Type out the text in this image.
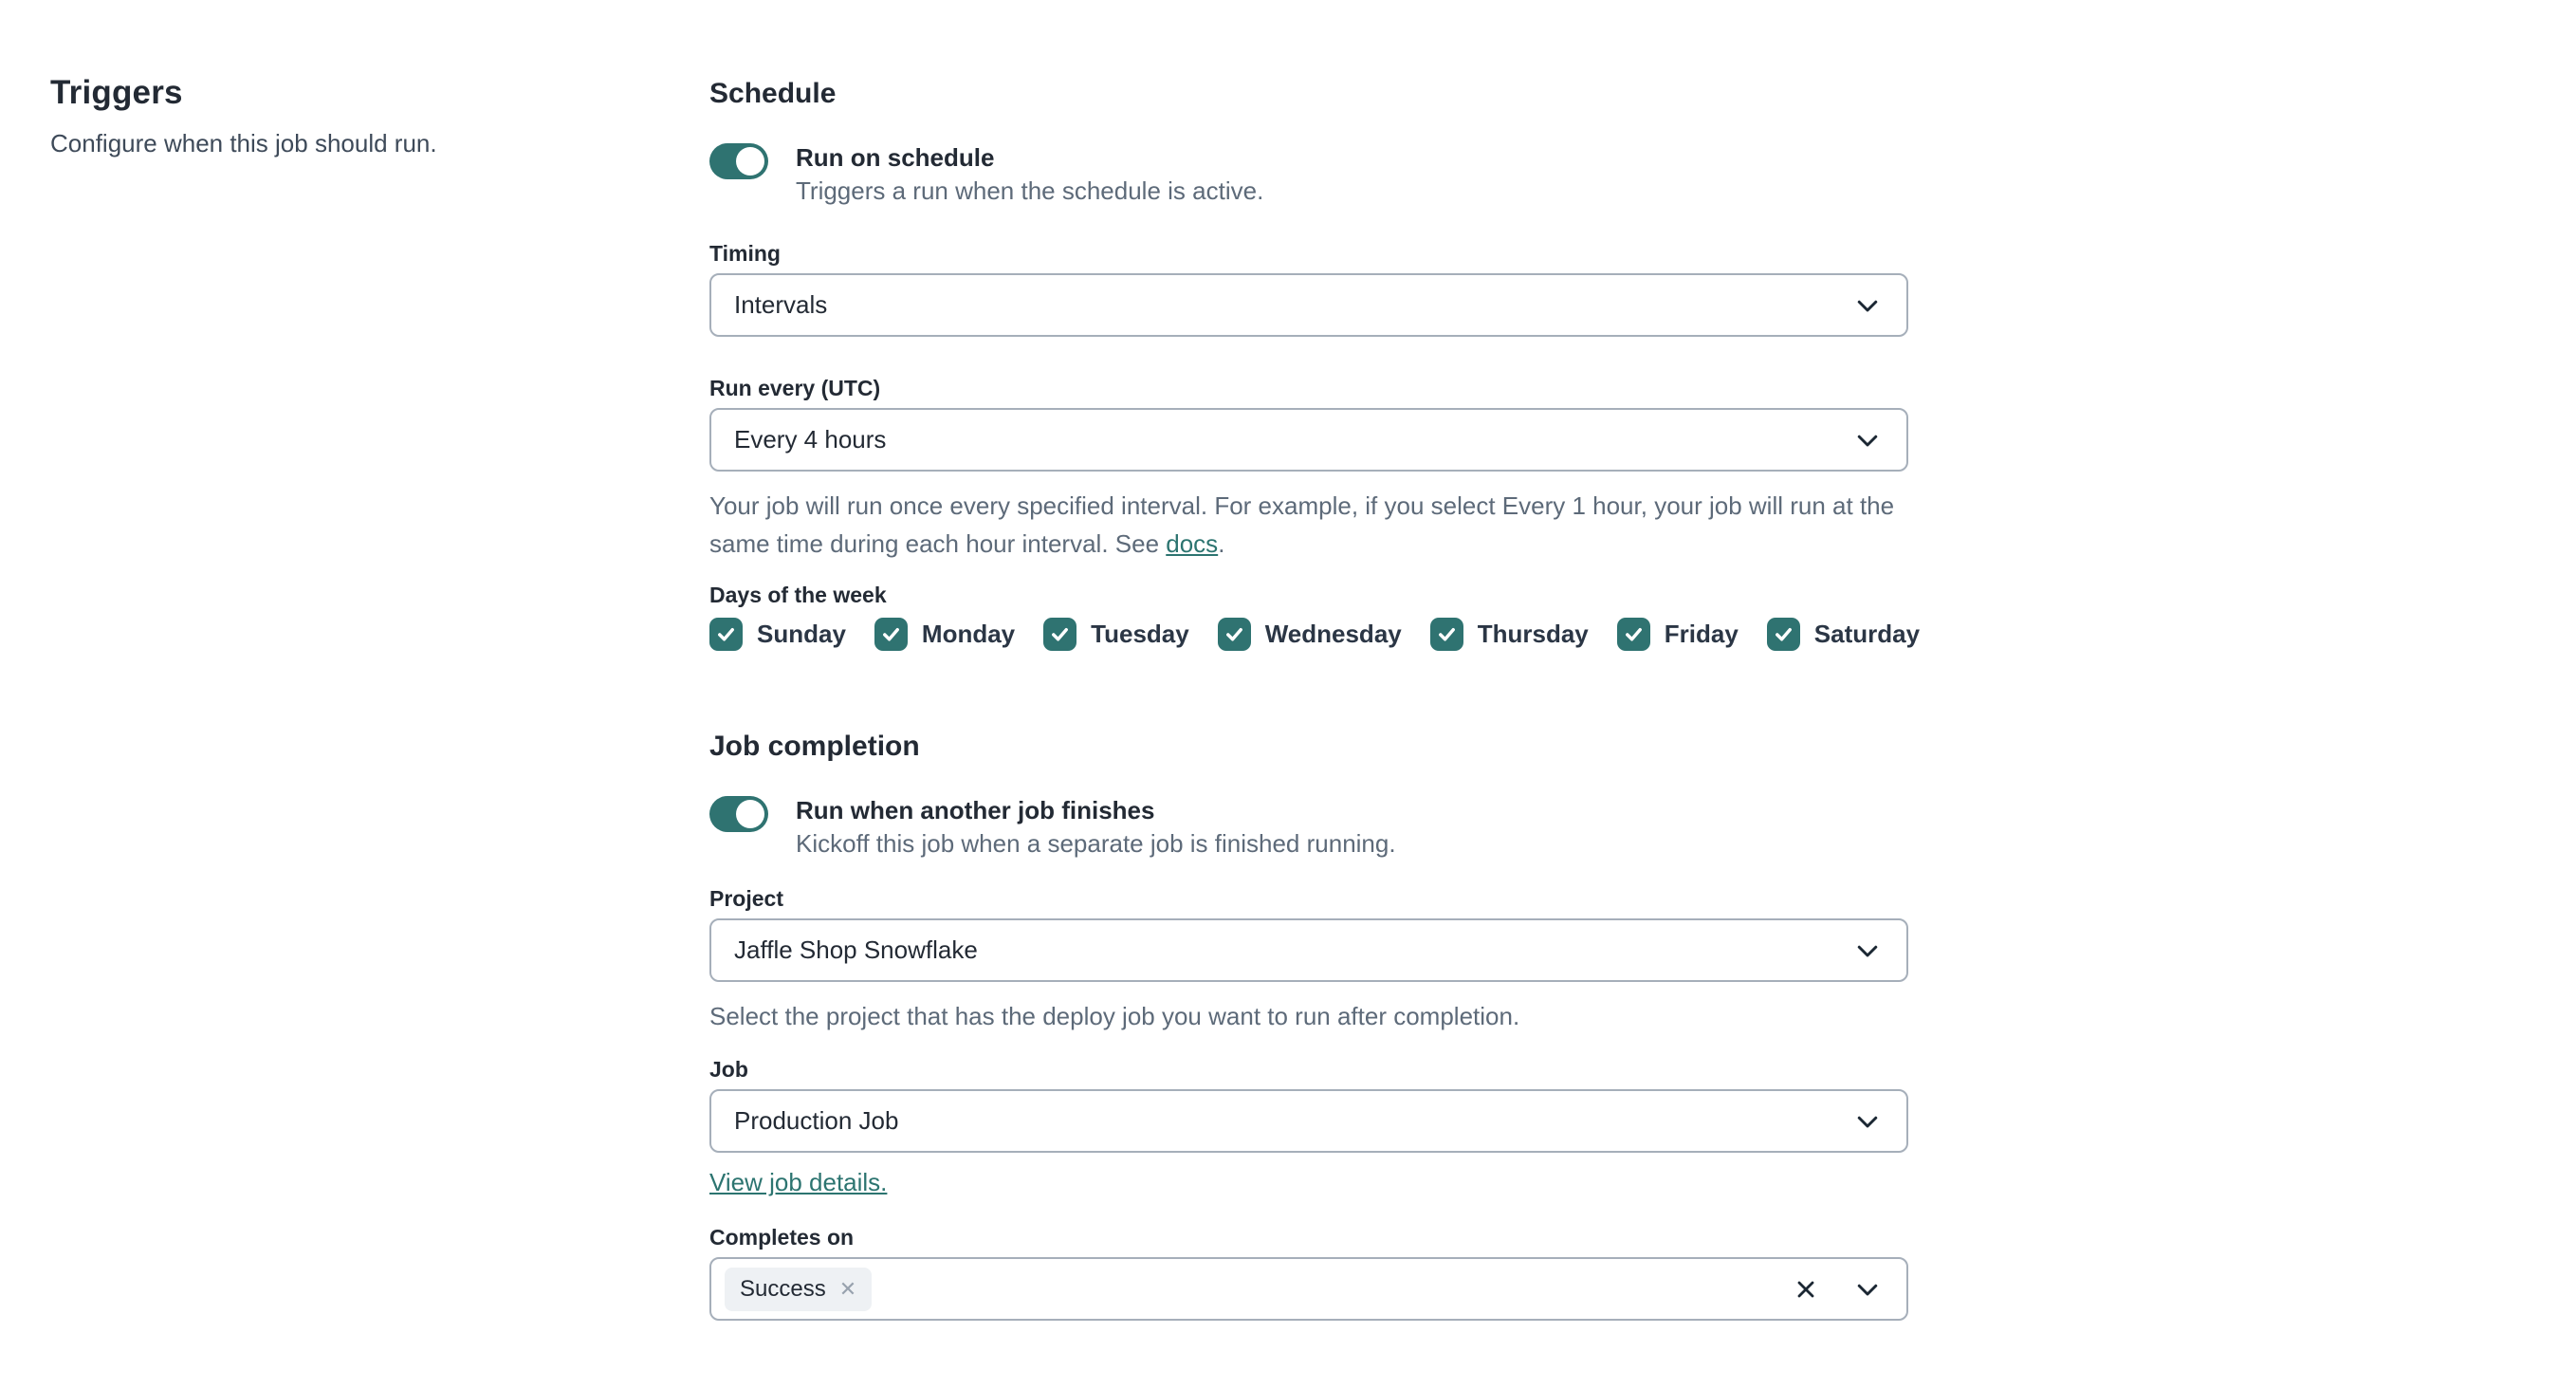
Triggers

Configure when this job should run.

Schedule
Run on schedule
Triggers a run when the schedule is active.
Timing
Intervals
Run every (UTC)
Every 4 hours
Your job will run once every specified interval. For example, if you select Every 1 hour, your job will run at the same time during each hour interval. See docs.
Days of the week
Sunday	Monday	Tuesday	Wednesday	Thursday	Friday	Saturday
Job completion
Run when another job finishes
Kickoff this job when a separate job is finished running.
Project
Jaffle Shop Snowflake
Select the project that has the deploy job you want to run after completion.
Job
Production Job
View job details.
Completes on
Success ✕
